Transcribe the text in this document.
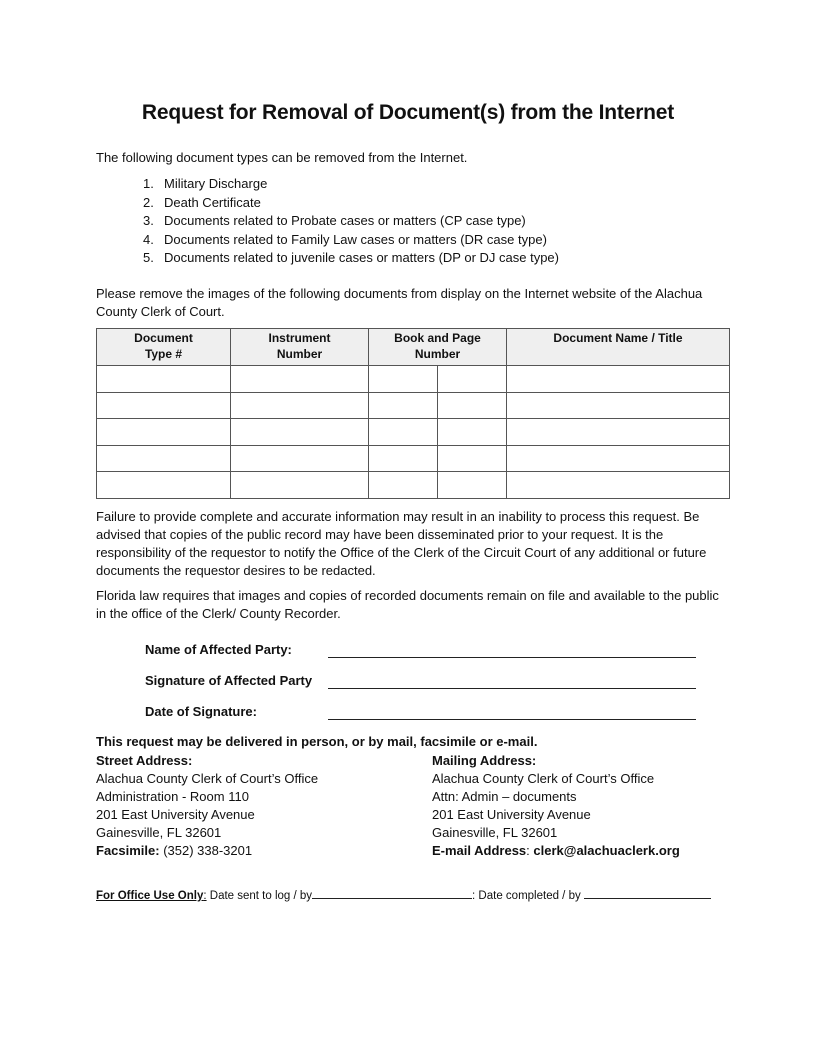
Request for Removal of Document(s) from the Internet
The following document types can be removed from the Internet.
1. Military Discharge
2. Death Certificate
3. Documents related to Probate cases or matters (CP case type)
4. Documents related to Family Law cases or matters (DR case type)
5. Documents related to juvenile cases or matters (DP or DJ case type)
Please remove the images of the following documents from display on the Internet website of the Alachua County Clerk of Court.
Document Type #	Instrument Number	Book and Page Number		Document Name / Title

Failure to provide complete and accurate information may result in an inability to process this request. Be advised that copies of the public record may have been disseminated prior to your request. It is the responsibility of the requestor to notify the Office of the Clerk of the Circuit Court of any additional or future documents the requestor desires to be redacted.
Florida law requires that images and copies of recorded documents remain on file and available to the public in the office of the Clerk/ County Recorder.
Name of Affected Party:
Signature of Affected Party
Date of Signature:
This request may be delivered in person, or by mail, facsimile or e-mail.
Street Address:
Alachua County Clerk of Court’s Office
Administration - Room 110
201 East University Avenue
Gainesville, FL 32601
Facsimile: (352) 338-3201
Mailing Address:
Alachua County Clerk of Court’s Office
Attn: Admin – documents
201 East University Avenue
Gainesville, FL 32601
E-mail Address: clerk@alachuaclerk.org
For Office Use Only: Date sent to log / by	: Date completed / by
